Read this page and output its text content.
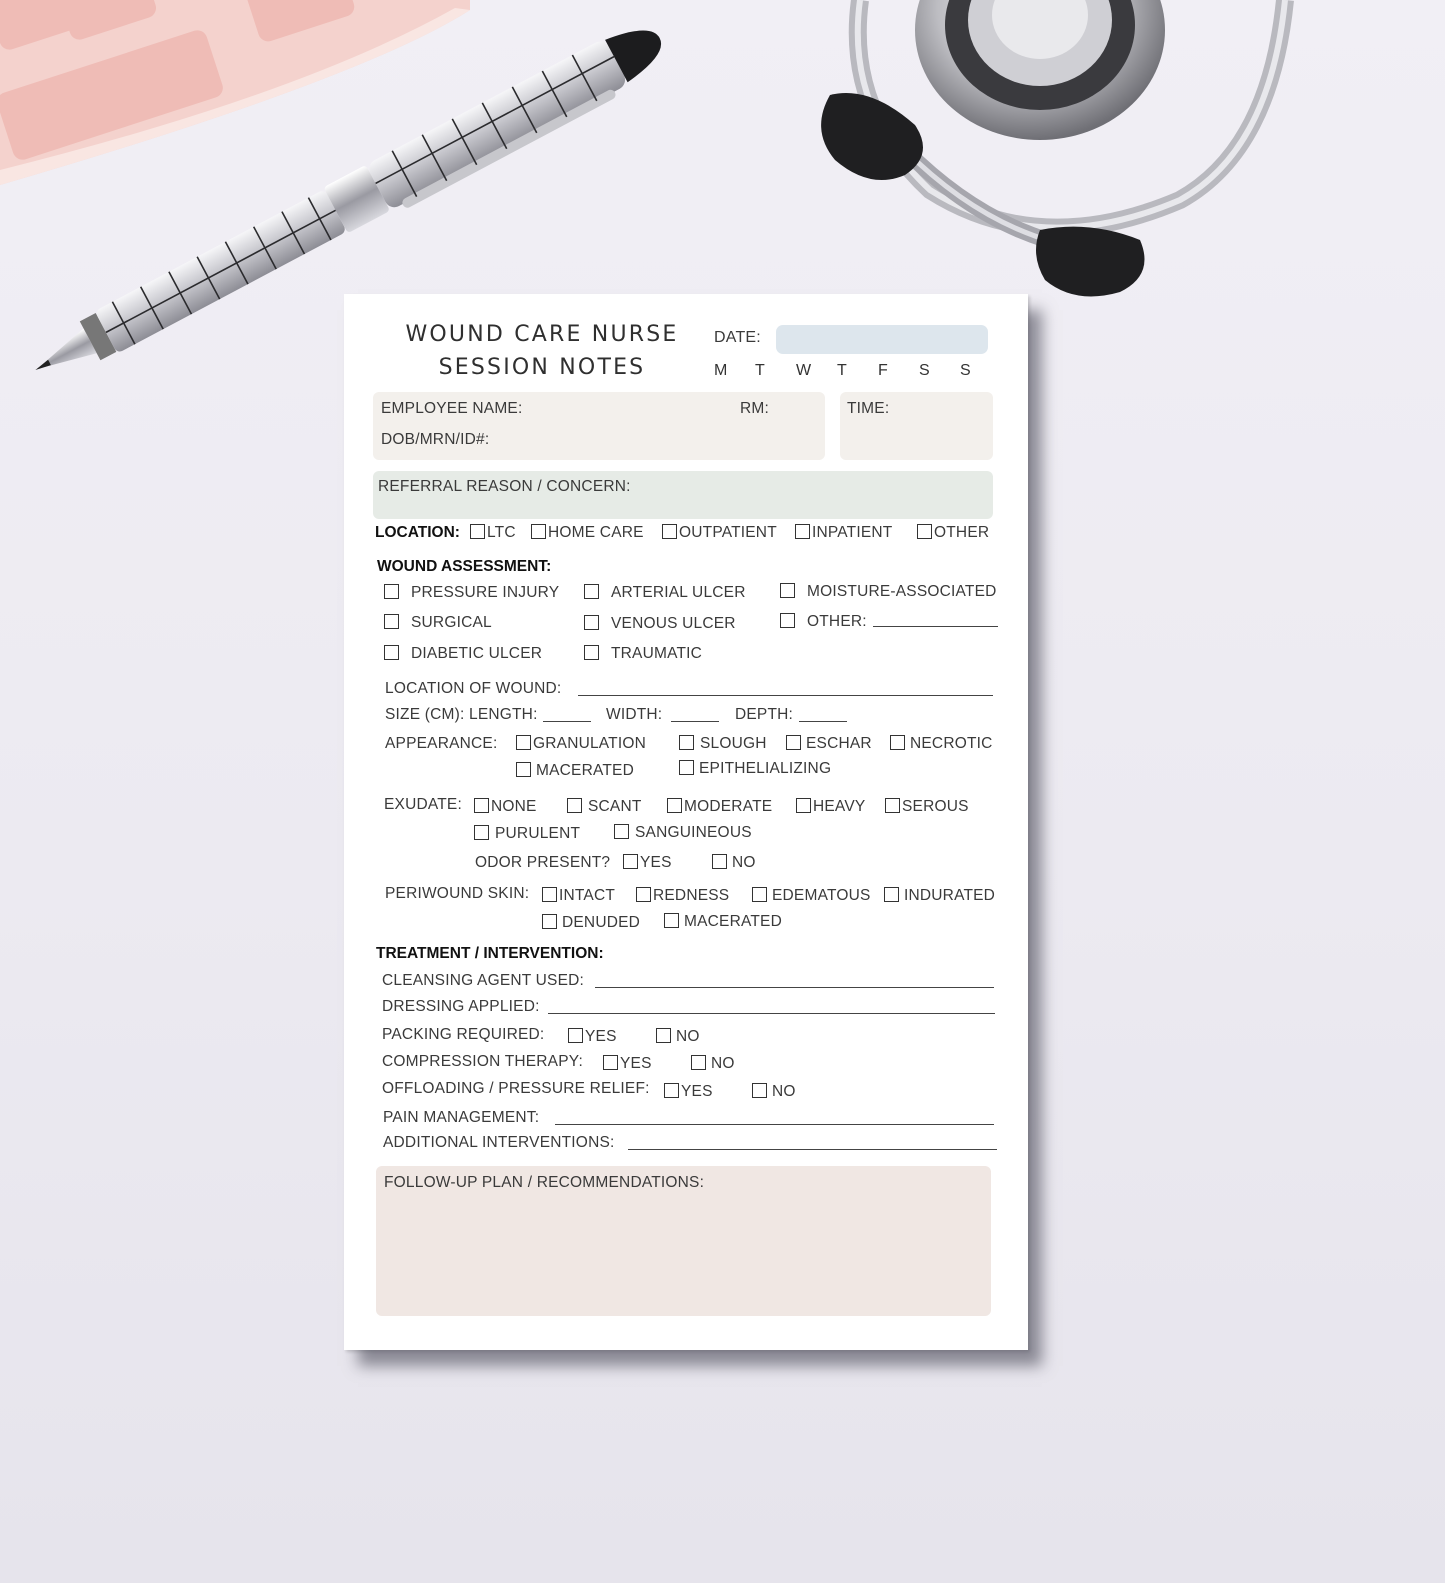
WOUND CARE NURSE
SESSION NOTES
DATE:
M T W T F S S
EMPLOYEE NAME:	RM:	TIME:
DOB/MRN/ID#:
REFERRAL REASON / CONCERN:
LOCATION:	LTC	HOME CARE	OUTPATIENT	INPATIENT	OTHER
WOUND ASSESSMENT:
PRESSURE INJURY	ARTERIAL ULCER	MOISTURE-ASSOCIATED
SURGICAL	VENOUS ULCER	OTHER:
DIABETIC ULCER	TRAUMATIC
LOCATION OF WOUND:
SIZE (CM): LENGTH:	WIDTH:	DEPTH:
APPEARANCE:	GRANULATION	SLOUGH	ESCHAR	NECROTIC
MACERATED	EPITHELIALIZING
EXUDATE:	NONE	SCANT	MODERATE	HEAVY	SEROUS
PURULENT	SANGUINEOUS
ODOR PRESENT?	YES	NO
PERIWOUND SKIN:	INTACT	REDNESS	EDEMATOUS	INDURATED
DENUDED	MACERATED
TREATMENT / INTERVENTION:
CLEANSING AGENT USED:
DRESSING APPLIED:
PACKING REQUIRED:	YES	NO
COMPRESSION THERAPY:	YES	NO
OFFLOADING / PRESSURE RELIEF:	YES	NO
PAIN MANAGEMENT:
ADDITIONAL INTERVENTIONS:
FOLLOW-UP PLAN / RECOMMENDATIONS:
